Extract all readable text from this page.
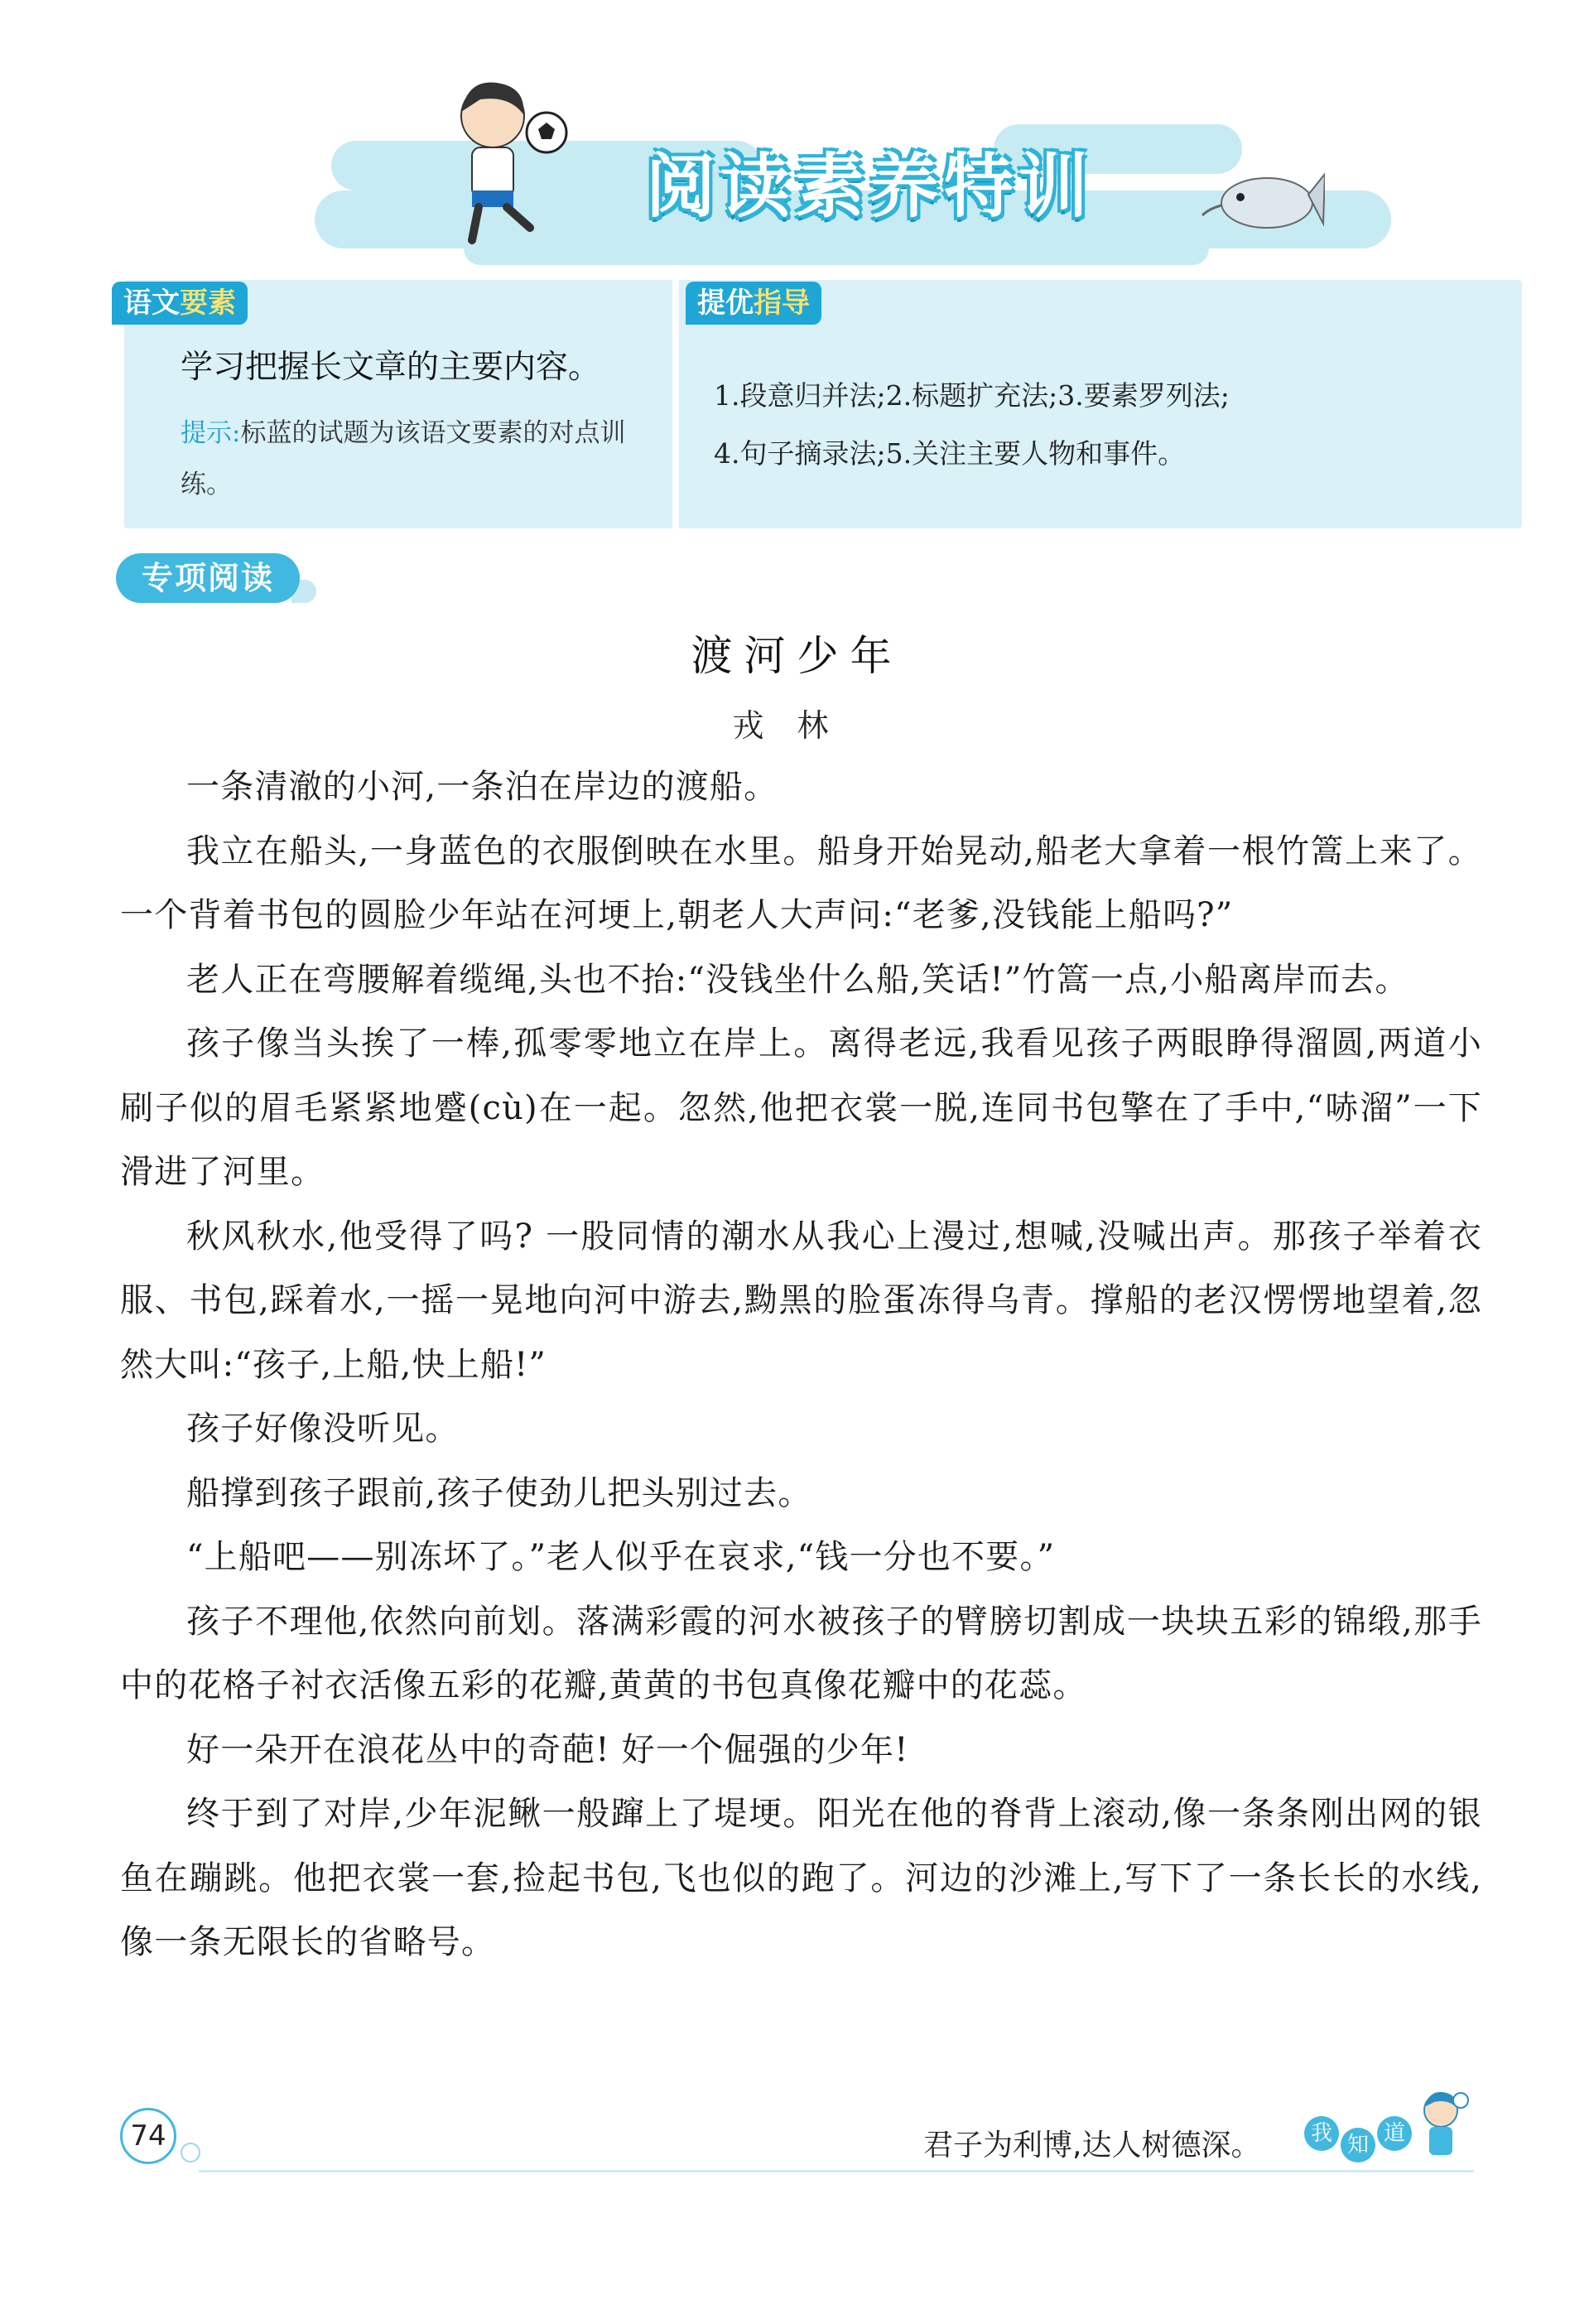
阅读素养特训
语文要素
学习把握长文章的主要内容。
提示:标蓝的试题为该语文要素的对点训练。
提优指导
1.段意归并法;2.标题扩充法;3.要素罗列法;
4.句子摘录法;5.关注主要人物和事件。
专项阅读
渡河少年
戎林

一条清澈的小河,一条泊在岸边的渡船。

我立在船头,一身蓝色的衣服倒映在水里。船身开始晃动,船老大拿着一根竹篙上来了。一个背着书包的圆脸少年站在河埂上,朝老人大声问:“老爹,没钱能上船吗?”

老人正在弯腰解着缆绳,头也不抬:“没钱坐什么船,笑话!”竹篙一点,小船离岸而去。

孩子像当头挨了一棒,孤零零地立在岸上。离得老远,我看见孩子两眼睁得溜圆,两道小刷子似的眉毛紧紧地蹙(cù)在一起。忽然,他把衣裳一脱,连同书包擎在了手中,“哧溜”一下滑进了河里。

秋风秋水,他受得了吗? 一股同情的潮水从我心上漫过,想喊,没喊出声。那孩子举着衣服、书包,踩着水,一摇一晃地向河中游去,黝黑的脸蛋冻得乌青。撑船的老汉愣愣地望着,忽然大叫:“孩子,上船,快上船!”

孩子好像没听见。

船撑到孩子跟前,孩子使劲儿把头别过去。

“上船吧——别冻坏了。”老人似乎在哀求,“钱一分也不要。”

孩子不理他,依然向前划。落满彩霞的河水被孩子的臂膀切割成一块块五彩的锦缎,那手中的花格子衬衣活像五彩的花瓣,黄黄的书包真像花瓣中的花蕊。

好一朵开在浪花丛中的奇葩! 好一个倔强的少年!

终于到了对岸,少年泥鳅一般蹿上了堤埂。阳光在他的脊背上滚动,像一条条刚出网的银鱼在蹦跳。他把衣裳一套,捡起书包,飞也似的跑了。河边的沙滩上,写下了一条长长的水线,像一条无限长的省略号。

74	君子为利博,达人树德深。	我 知 道
